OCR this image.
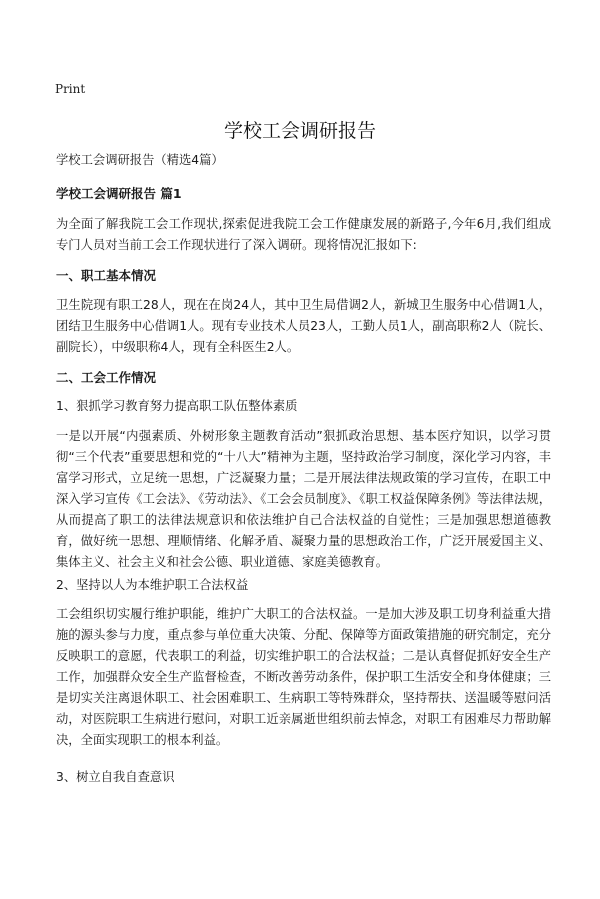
Print
学校工会调研报告
学校工会调研报告（精选4篇）
学校工会调研报告 篇1
为全面了解我院工会工作现状,探索促进我院工会工作健康发展的新路子,今年6月,我们组成专门人员对当前工会工作现状进行了深入调研。现将情况汇报如下:
一、职工基本情况
卫生院现有职工28人，现在在岗24人，其中卫生局借调2人，新城卫生服务中心借调1人，团结卫生服务中心借调1人。现有专业技术人员23人，工勤人员1人，副高职称2人（院长、副院长），中级职称4人，现有全科医生2人。
二、工会工作情况
1、狠抓学习教育努力提高职工队伍整体素质
一是以开展“内强素质、外树形象主题教育活动”狠抓政治思想、基本医疗知识，以学习贯彻“三个代表”重要思想和党的“十八大”精神为主题，坚持政治学习制度，深化学习内容，丰富学习形式，立足统一思想，广泛凝聚力量；二是开展法律法规政策的学习宣传，在职工中深入学习宣传《工会法》、《劳动法》、《工会会员制度》、《职工权益保障条例》等法律法规，从而提高了职工的法律法规意识和依法维护自己合法权益的自觉性；三是加强思想道德教育，做好统一思想、理顺情绪、化解矛盾、凝聚力量的思想政治工作，广泛开展爱国主义、集体主义、社会主义和社会公德、职业道德、家庭美德教育。
2、坚持以人为本维护职工合法权益
工会组织切实履行维护职能，维护广大职工的合法权益。一是加大涉及职工切身利益重大措施的源头参与力度，重点参与单位重大决策、分配、保障等方面政策措施的研究制定，充分反映职工的意愿，代表职工的利益，切实维护职工的合法权益；二是认真督促抓好安全生产工作，加强群众安全生产监督检查，不断改善劳动条件，保护职工生活安全和身体健康；三是切实关注离退休职工、社会困难职工、生病职工等特殊群众，坚持帮扶、送温暖等慰问活动，对医院职工生病进行慰问，对职工近亲属逝世组织前去悼念，对职工有困难尽力帮助解决，全面实现职工的根本利益。
3、树立自我自查意识
